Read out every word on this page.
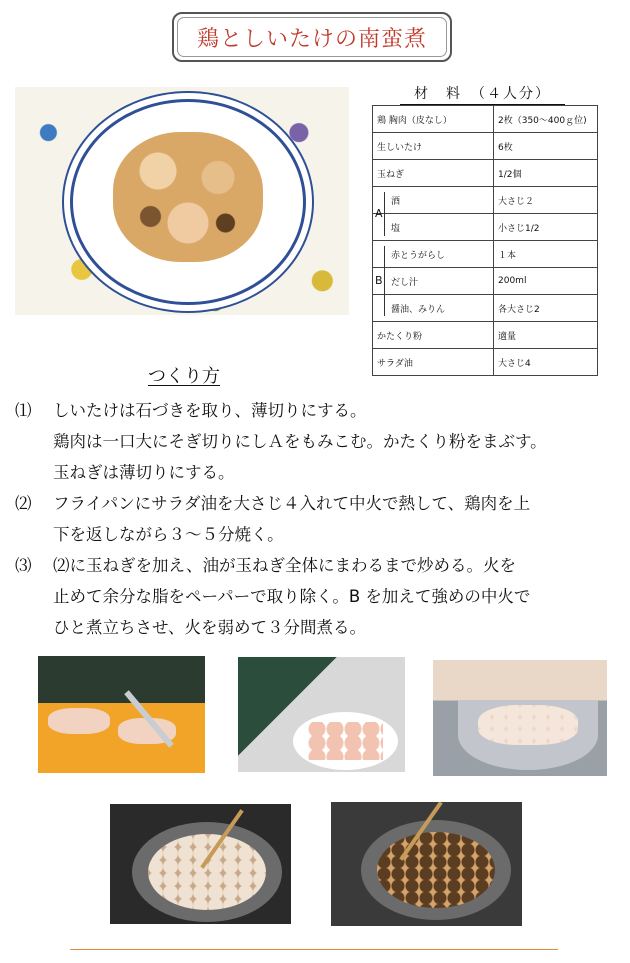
鶏としいたけの南蛮煮
材　料　（４人分）
鶏 胸肉（皮なし）	2枚（350〜400ｇ位)
生しいたけ	6枚
玉ねぎ	1/2個

A
酒	大さじ２
塩	小さじ1/2

赤とうがらし	１本

B だし汁	200ml
醤油、みりん	各大さじ2
かたくり粉	適量
サラダ油	大さじ4
つくり方
⑴	しいたけは石づきを取り、薄切りにする。
鶏肉は一口大にそぎ切りにしＡをもみこむ。かたくり粉をまぶす。
玉ねぎは薄切りにする。
⑵	フライパンにサラダ油を大さじ４入れて中火で熱して、鶏肉を上
下を返しながら３〜５分焼く。
⑶	⑵に玉ねぎを加え、油が玉ねぎ全体にまわるまで炒める。火を
止めて余分な脂をペーパーで取り除く。B を加えて強めの中火で
ひと煮立ちさせ、火を弱めて３分間煮る。
